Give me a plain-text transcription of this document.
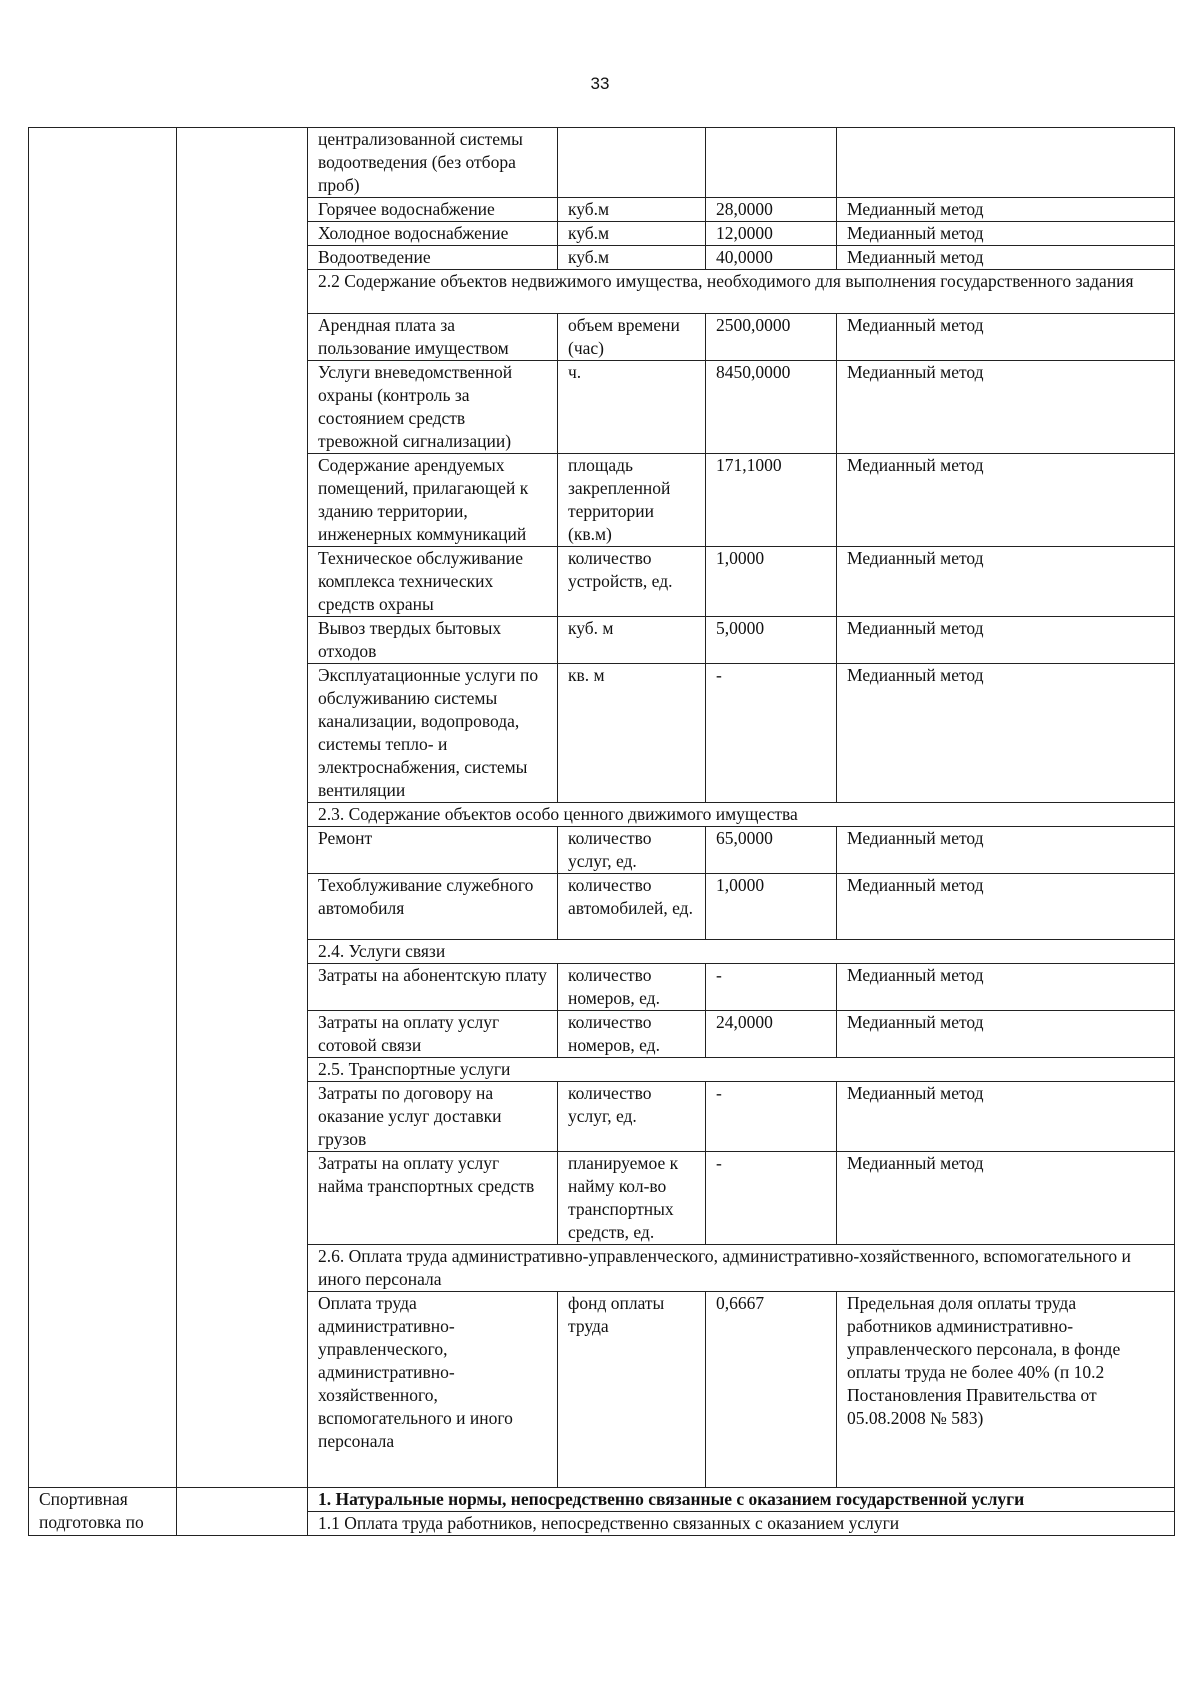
33
		централизованной системы водоотведения (без отбора проб)			
		Горячее водоснабжение	куб.м	28,0000	Медианный метод
		Холодное водоснабжение	куб.м	12,0000	Медианный метод
		Водоотведение	куб.м	40,0000	Медианный метод
		2.2 Содержание объектов недвижимого имущества, необходимого для выполнения государственного задания			
		Арендная плата за пользование имуществом	объем времени (час)	2500,0000	Медианный метод
		Услуги вневедомственной охраны (контроль за состоянием средств тревожной сигнализации)	ч.	8450,0000	Медианный метод
		Содержание арендуемых помещений, прилагающей к зданию территории, инженерных коммуникаций	площадь закрепленной территории (кв.м)	171,1000	Медианный метод
		Техническое обслуживание комплекса технических средств охраны	количество устройств, ед.	1,0000	Медианный метод
		Вывоз твердых бытовых отходов	куб. м	5,0000	Медианный метод
		Эксплуатационные услуги по обслуживанию системы канализации, водопровода, системы тепло- и электроснабжения, системы вентиляции	кв. м	-	Медианный метод
		2.3. Содержание объектов особо ценного движимого имущества			
		Ремонт	количество услуг, ед.	65,0000	Медианный метод
		Техоблуживание служебного автомобиля	количество автомобилей, ед.	1,0000	Медианный метод
		2.4. Услуги связи			
		Затраты на абонентскую плату	количество номеров, ед.	-	Медианный метод
		Затраты на оплату услуг сотовой связи	количество номеров, ед.	24,0000	Медианный метод
		2.5. Транспортные услуги			
		Затраты по договору на оказание услуг доставки грузов	количество услуг, ед.	-	Медианный метод
		Затраты на оплату услуг найма транспортных средств	планируемое к найму кол-во транспортных средств, ед.	-	Медианный метод
		2.6. Оплата труда административно-управленческого, административно-хозяйственного, вспомогательного и иного персонала			
		Оплата труда административно-управленческого, административно-хозяйственного, вспомогательного и иного персонала	фонд оплаты труда	0,6667	Предельная доля оплаты труда работников административно-управленческого персонала, в фонде оплаты труда не более 40% (п 10.2 Постановления Правительства от 05.08.2008 № 583)
Спортивная подготовка по		1. Натуральные нормы, непосредственно связанные с оказанием государственной услуги			
		1.1 Оплата труда работников, непосредственно связанных с оказанием услуги			
